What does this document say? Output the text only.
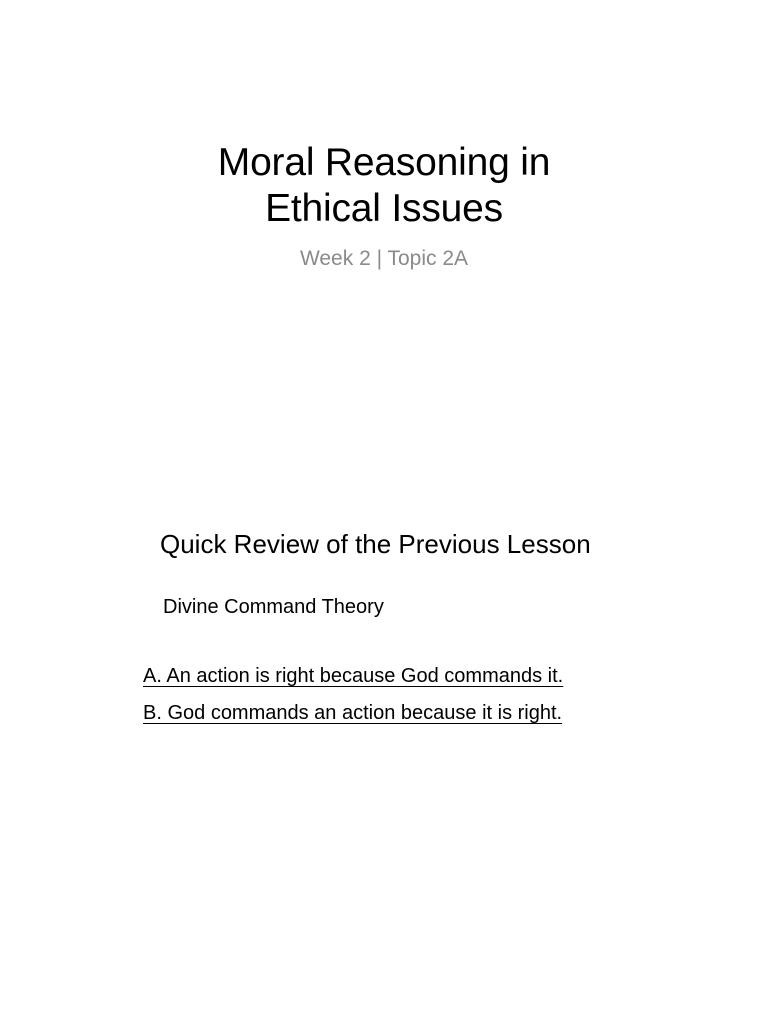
Moral Reasoning in
Ethical Issues
Week 2 | Topic 2A
Quick Review of the Previous Lesson
Divine Command Theory
A. An action is right because God commands it.
B. God commands an action because it is right.
